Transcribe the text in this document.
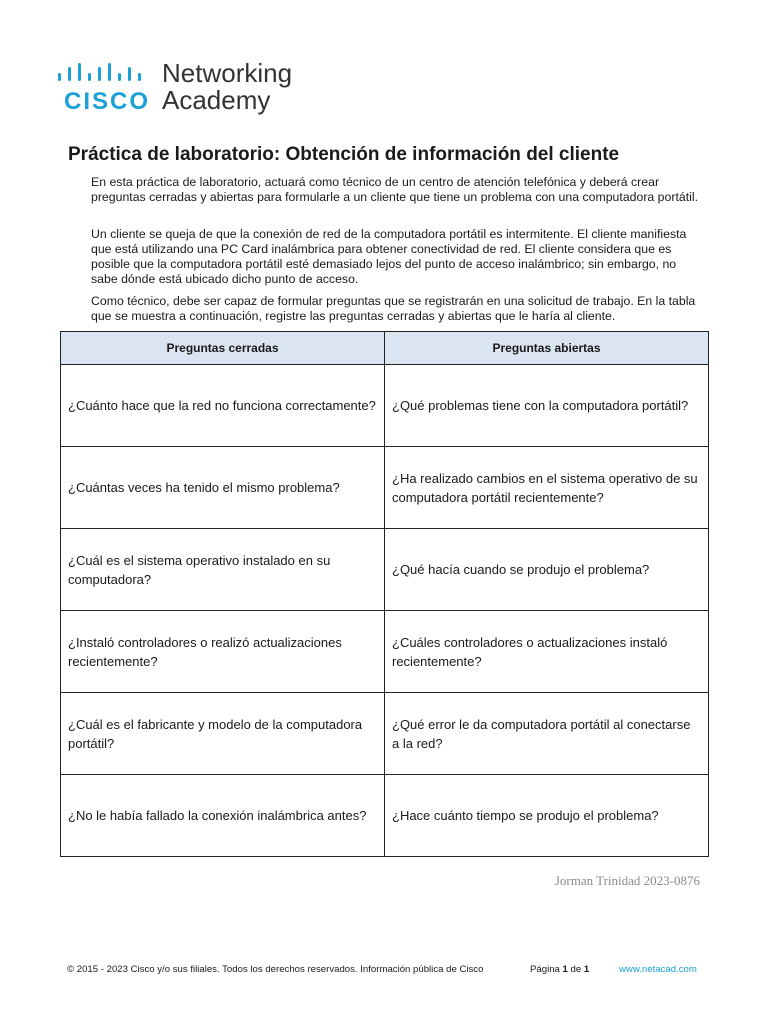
CISCO
Networking
Academy
Práctica de laboratorio: Obtención de información del cliente

En esta práctica de laboratorio, actuará como técnico de un centro de atención telefónica y deberá crear preguntas cerradas y abiertas para formularle a un cliente que tiene un problema con una computadora portátil.

Un cliente se queja de que la conexión de red de la computadora portátil es intermitente. El cliente manifiesta que está utilizando una PC Card inalámbrica para obtener conectividad de red. El cliente considera que es posible que la computadora portátil esté demasiado lejos del punto de acceso inalámbrico; sin embargo, no sabe dónde está ubicado dicho punto de acceso.

Como técnico, debe ser capaz de formular preguntas que se registrarán en una solicitud de trabajo. En la tabla que se muestra a continuación, registre las preguntas cerradas y abiertas que le haría al cliente.

Preguntas cerradas	Preguntas abiertas
¿Cuánto hace que la red no funciona correctamente?	¿Qué problemas tiene con la computadora portátil?
¿Cuántas veces ha tenido el mismo problema?	¿Ha realizado cambios en el sistema operativo de su computadora portátil recientemente?
¿Cuál es el sistema operativo instalado en su computadora?	¿Qué hacía cuando se produjo el problema?
¿Instaló controladores o realizó actualizaciones recientemente?	¿Cuáles controladores o actualizaciones instaló recientemente?
¿Cuál es el fabricante y modelo de la computadora portátil?	¿Qué error le da computadora portátil al conectarse a la red?
¿No le había fallado la conexión inalámbrica antes?	¿Hace cuánto tiempo se produjo el problema?

Jorman Trinidad 2023-0876

© 2015 - 2023 Cisco y/o sus filiales. Todos los derechos reservados. Información pública de Cisco	Página 1 de 1	www.netacad.com
